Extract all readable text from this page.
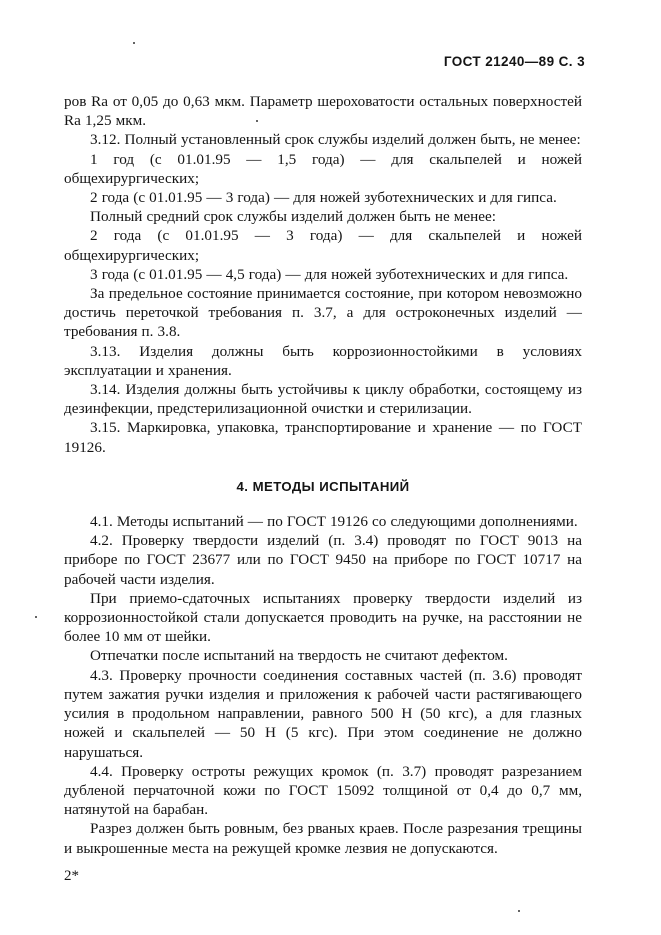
ГОСТ 21240—89 С. 3

ров Ra от 0,05 до 0,63 мкм. Параметр шероховатости остальных поверхностей Ra 1,25 мкм.

3.12. Полный установленный срок службы изделий должен быть, не менее:

1 год (с 01.01.95 — 1,5 года) — для скальпелей и ножей общехирургических;

2 года (с 01.01.95 — 3 года) — для ножей зуботехнических и для гипса.

Полный средний срок службы изделий должен быть не менее:

2 года (с 01.01.95 — 3 года) — для скальпелей и ножей общехирургических;

3 года (с 01.01.95 — 4,5 года) — для ножей зуботехнических и для гипса.

За предельное состояние принимается состояние, при котором невозможно достичь переточкой требования п. 3.7, а для остроконечных изделий — требования п. 3.8.

3.13. Изделия должны быть коррозионностойкими в условиях эксплуатации и хранения.

3.14. Изделия должны быть устойчивы к циклу обработки, состоящему из дезинфекции, предстерилизационной очистки и стерилизации.

3.15. Маркировка, упаковка, транспортирование и хранение — по ГОСТ 19126.

4. МЕТОДЫ ИСПЫТАНИЙ

4.1. Методы испытаний — по ГОСТ 19126 со следующими дополнениями.

4.2. Проверку твердости изделий (п. 3.4) проводят по ГОСТ 9013 на приборе по ГОСТ 23677 или по ГОСТ 9450 на приборе по ГОСТ 10717 на рабочей части изделия.

При приемо-сдаточных испытаниях проверку твердости изделий из коррозионностойкой стали допускается проводить на ручке, на расстоянии не более 10 мм от шейки.

Отпечатки после испытаний на твердость не считают дефектом.

4.3. Проверку прочности соединения составных частей (п. 3.6) проводят путем зажатия ручки изделия и приложения к рабочей части растягивающего усилия в продольном направлении, равного 500 Н (50 кгс), а для глазных ножей и скальпелей — 50 Н (5 кгс). При этом соединение не должно нарушаться.

4.4. Проверку остроты режущих кромок (п. 3.7) проводят разрезанием дубленой перчаточной кожи по ГОСТ 15092 толщиной от 0,4 до 0,7 мм, натянутой на барабан.

Разрез должен быть ровным, без рваных краев. После разрезания трещины и выкрошенные места на режущей кромке лезвия не допускаются.

2*
